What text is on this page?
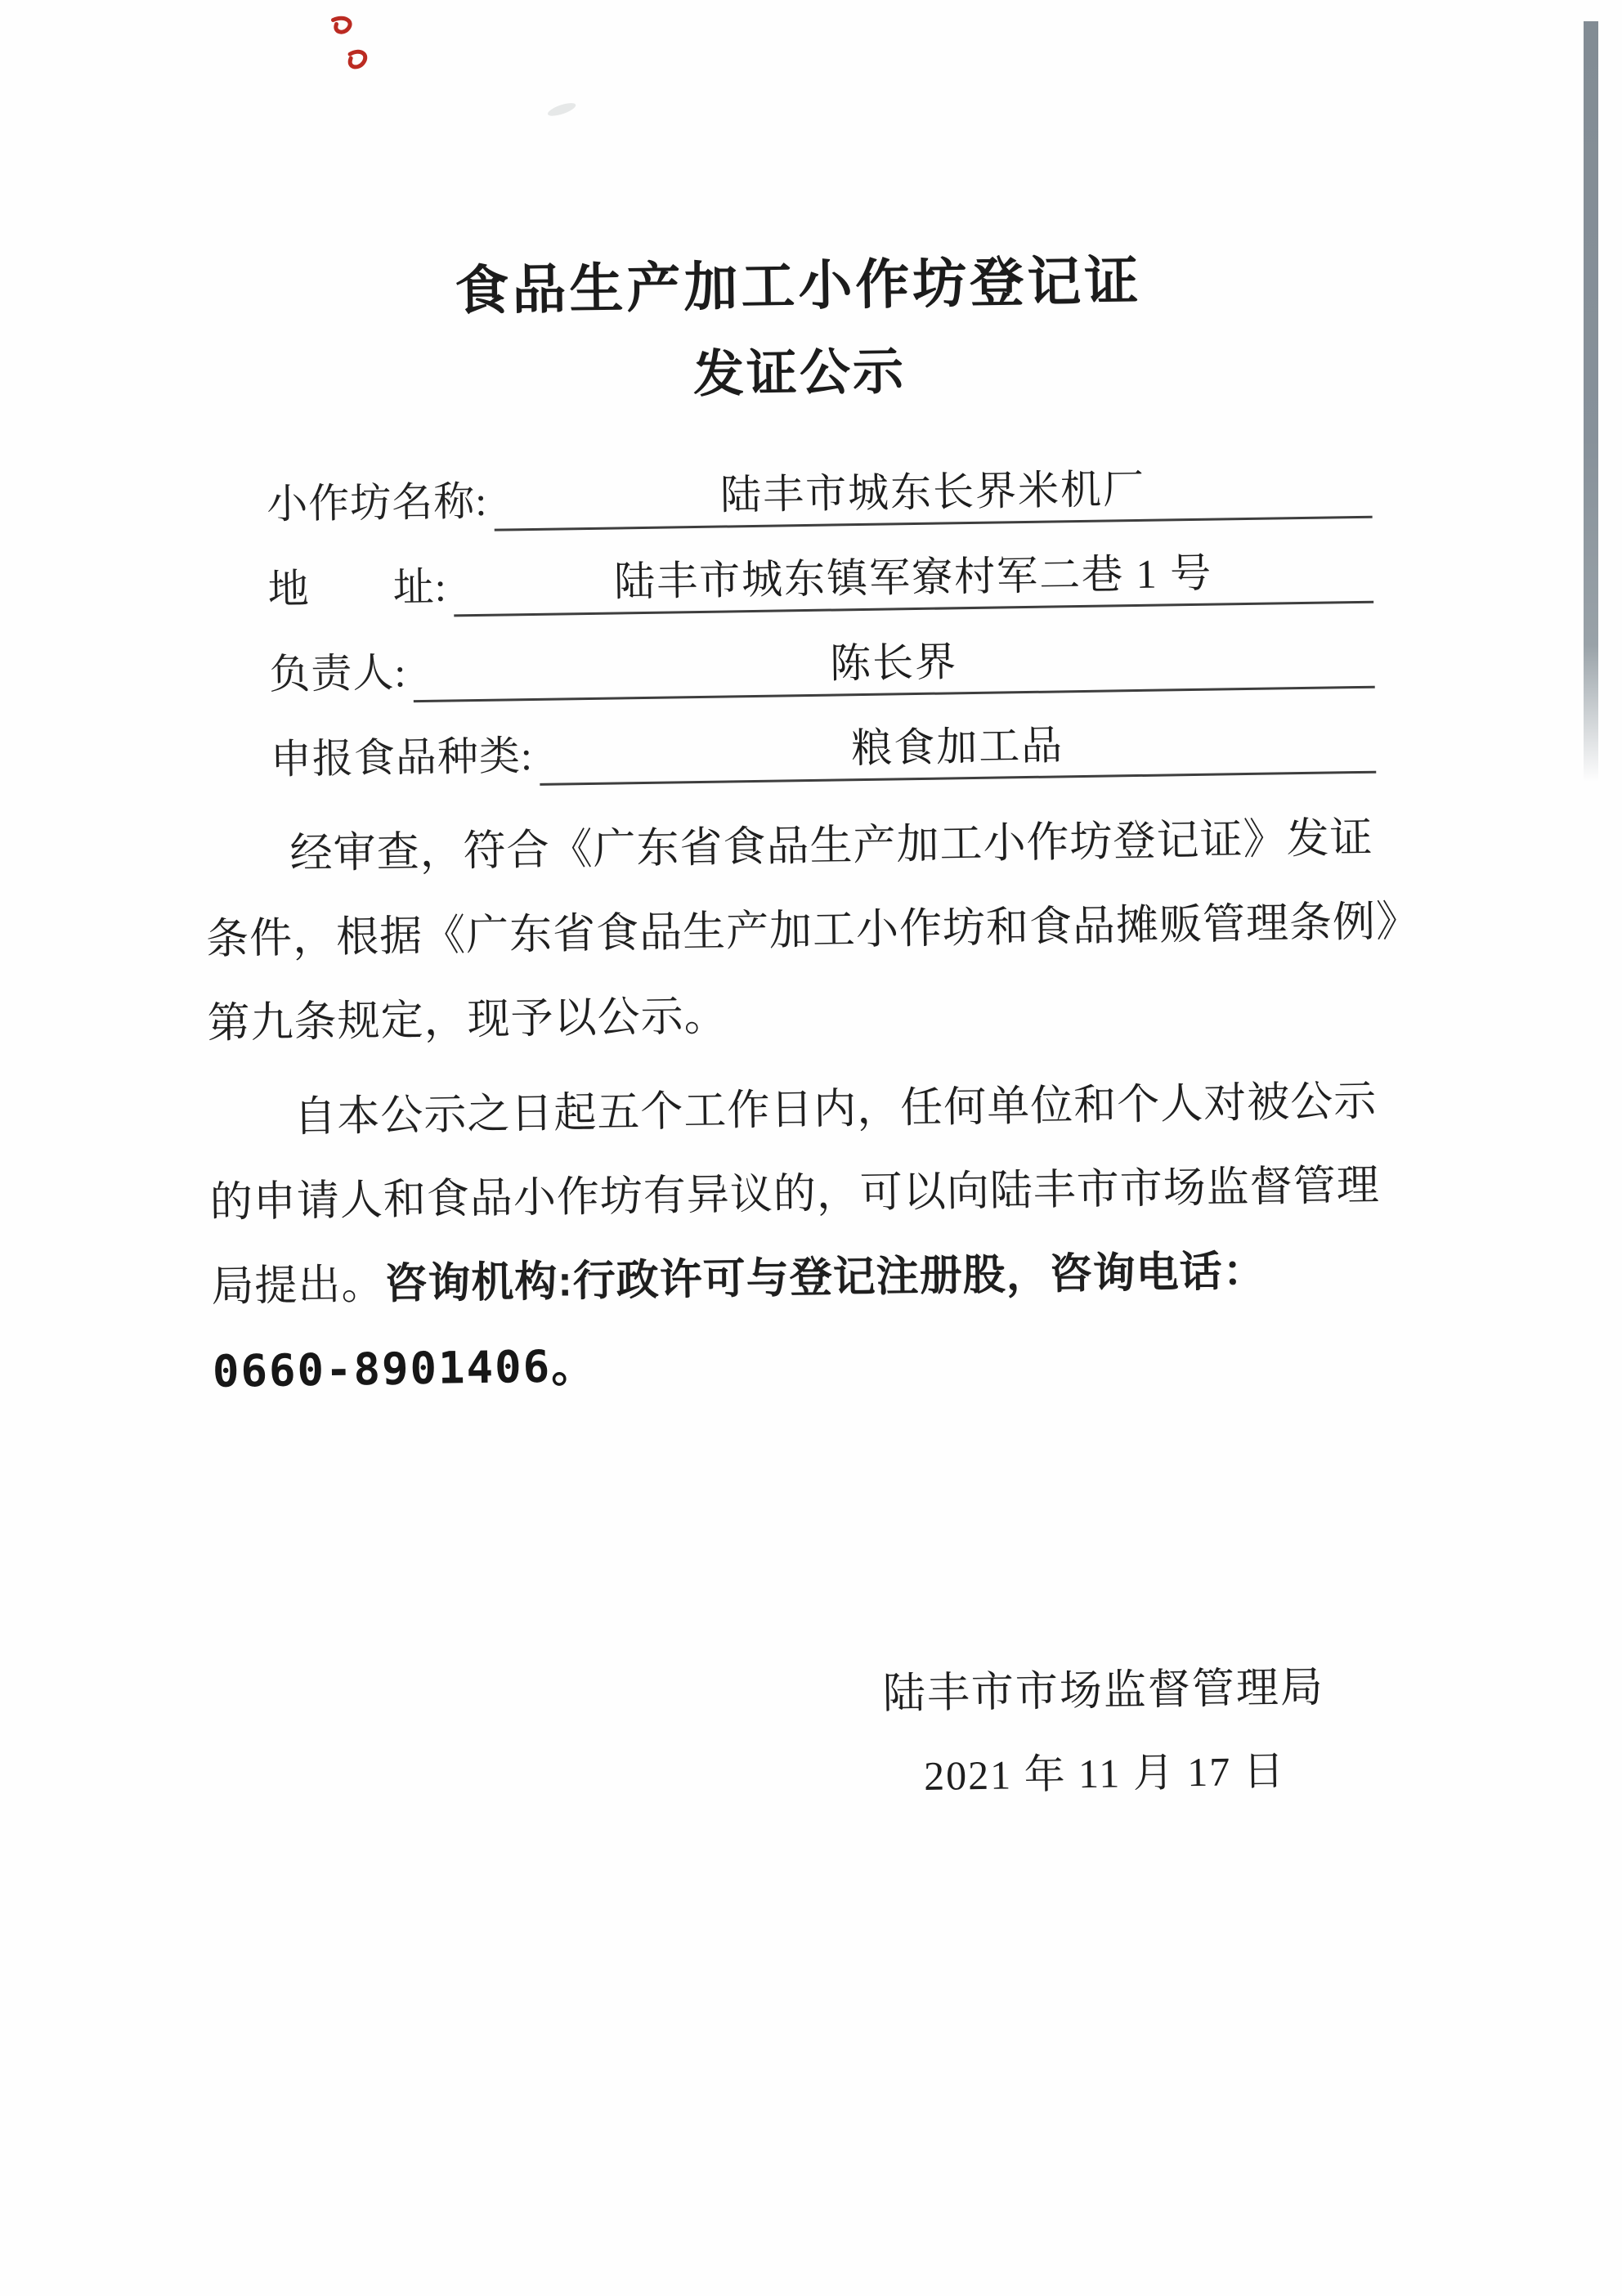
食品生产加工小作坊登记证
发证公示
小作坊名称:	陆丰市城东长界米机厂
地　　址:	陆丰市城东镇军寮村军二巷 1 号
负责人:	陈长界
申报食品种类:	粮食加工品
经审查，符合《广东省食品生产加工小作坊登记证》发证
条件，根据《广东省食品生产加工小作坊和食品摊贩管理条例》
第九条规定，现予以公示。
自本公示之日起五个工作日内，任何单位和个人对被公示
的申请人和食品小作坊有异议的，可以向陆丰市市场监督管理
局提出。咨询机构:行政许可与登记注册股，咨询电话：
0660-8901406。
陆丰市市场监督管理局
2021 年 11 月 17 日
